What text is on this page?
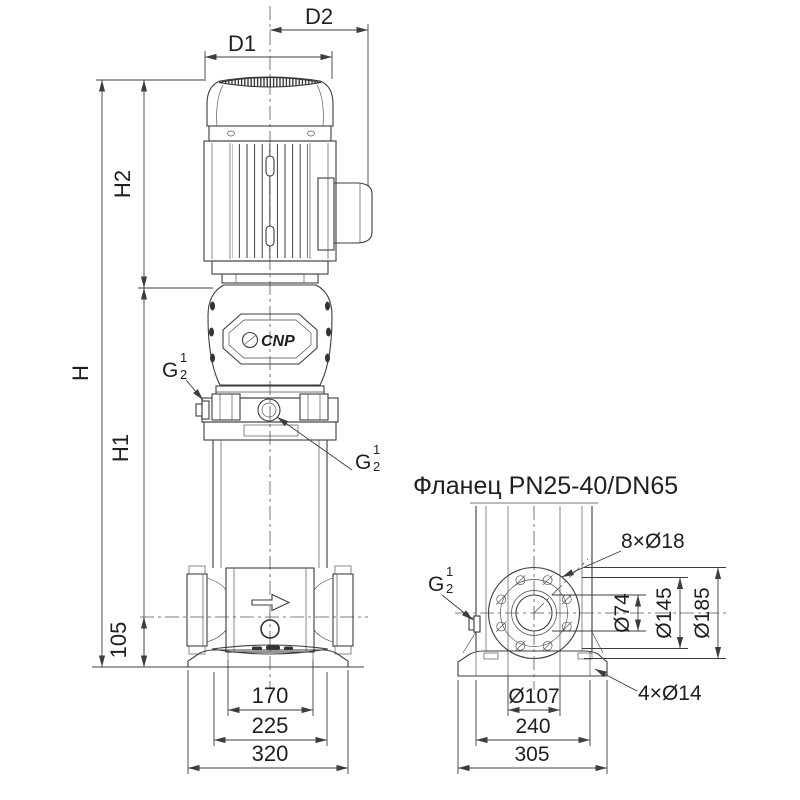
CNP
D1
D2
H
H2
H1
105
170
225
320
G
1
2
G
1
2
Фланец PN25-40/DN65
8×Ø18
Ø74 Ø145 Ø185
Ø107
240
305
4×Ø14
G
1
2
